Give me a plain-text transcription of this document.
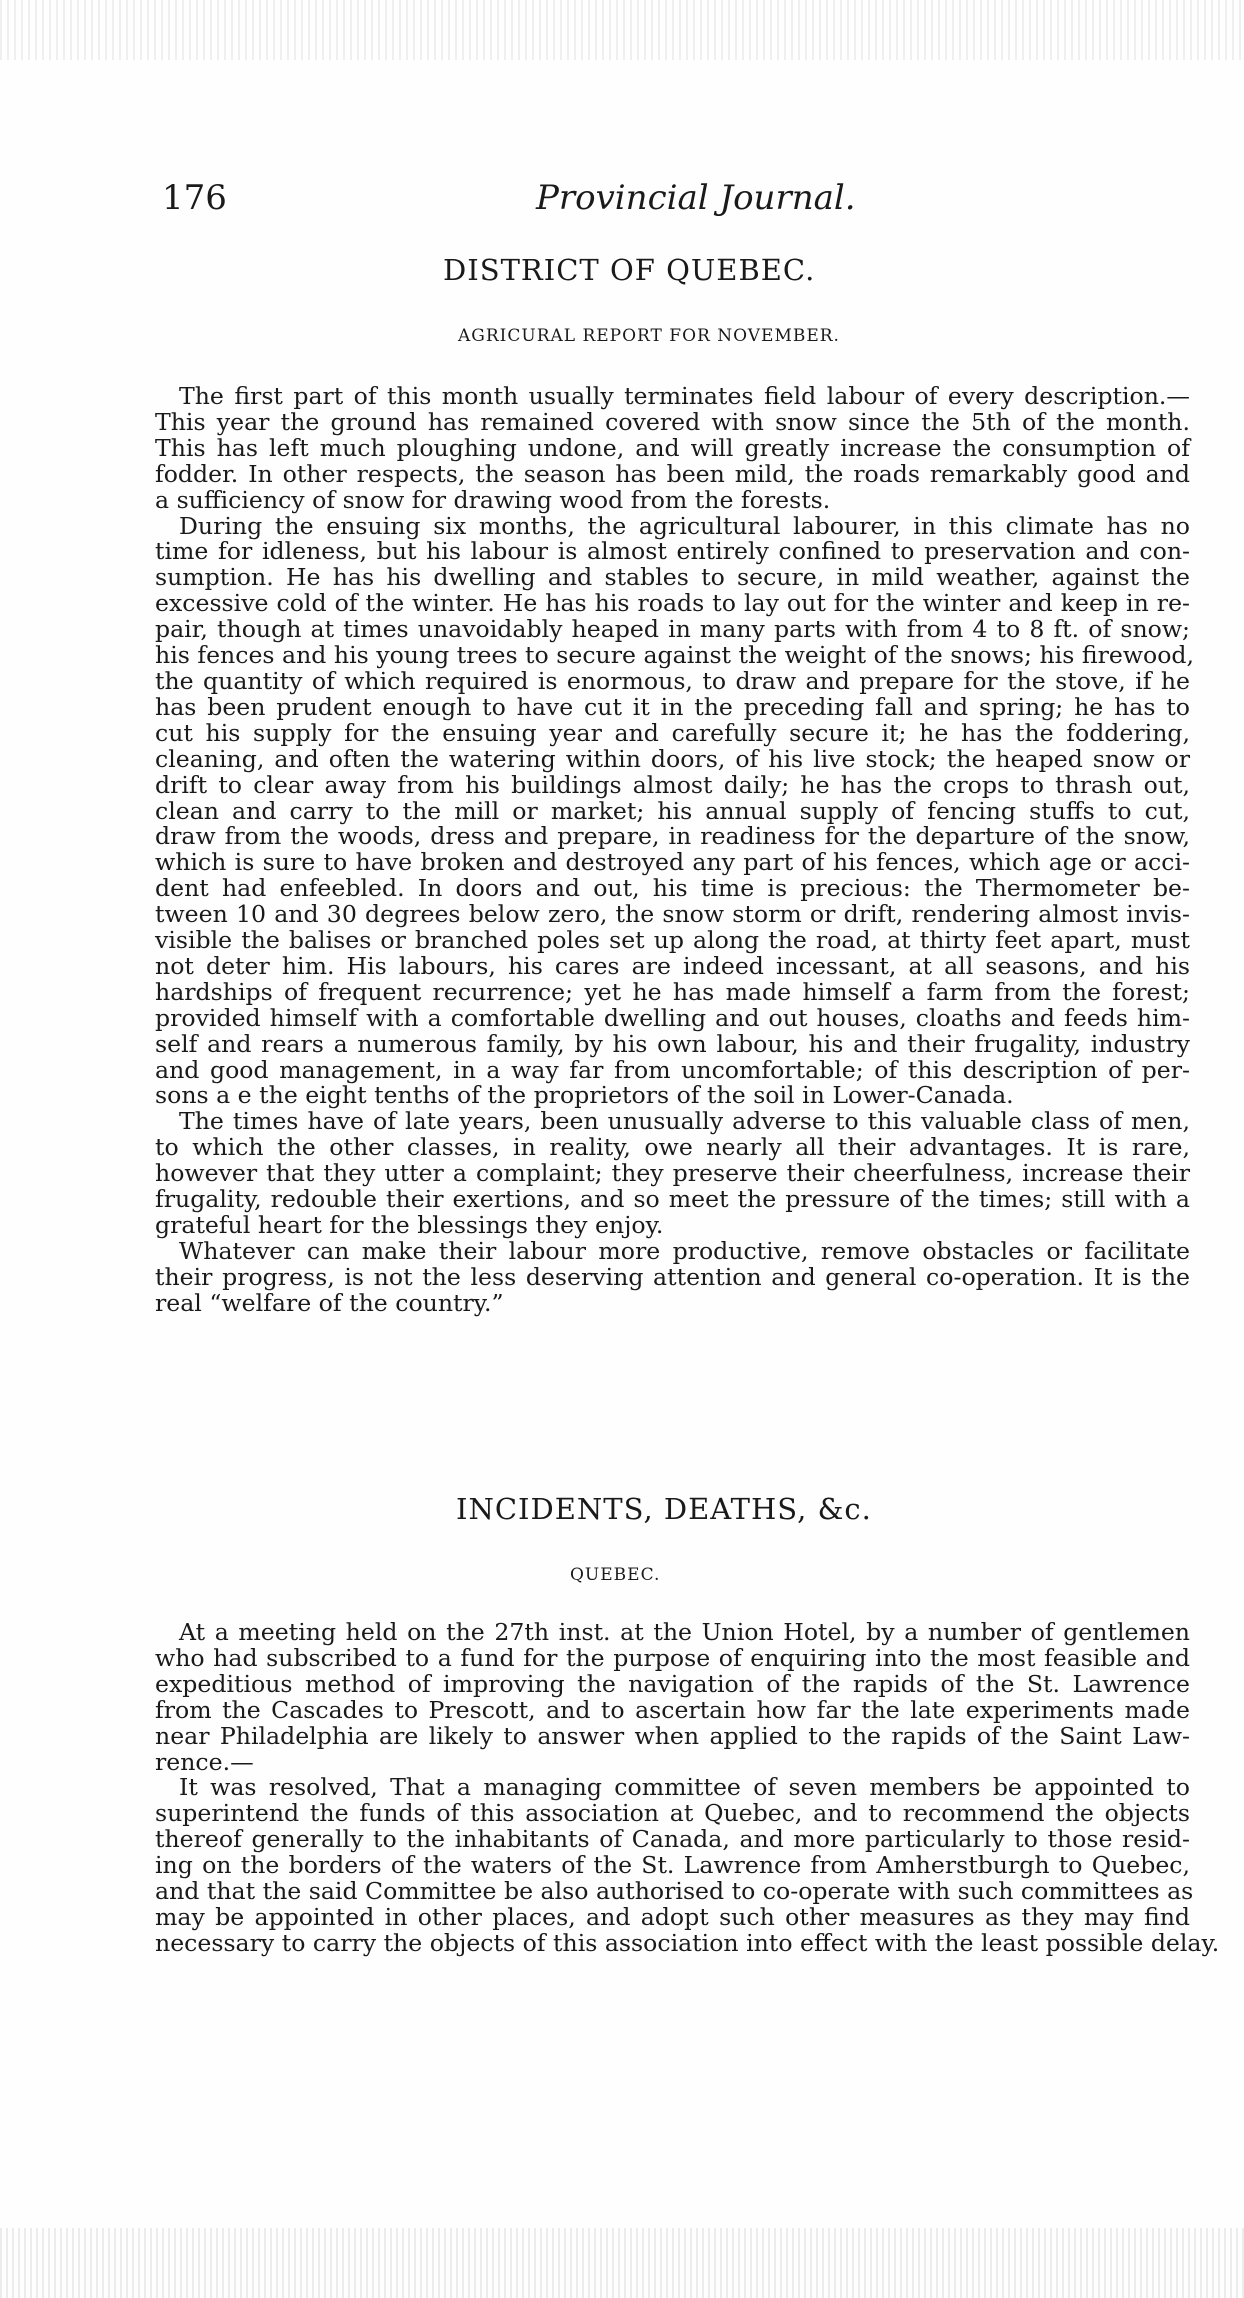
176	Provincial Journal.
DISTRICT OF QUEBEC.
AGRICURAL REPORT FOR NOVEMBER.
The first part of this month usually terminates field labour of every description.—
This year the ground has remained covered with snow since the 5th of the month.
This has left much ploughing undone, and will greatly increase the consumption of
fodder. In other respects, the season has been mild, the roads remarkably good and
a sufficiency of snow for drawing wood from the forests.
During the ensuing six months, the agricultural labourer, in this climate has no
time for idleness, but his labour is almost entirely confined to preservation and con-
sumption. He has his dwelling and stables to secure, in mild weather, against the
excessive cold of the winter. He has his roads to lay out for the winter and keep in re-
pair, though at times unavoidably heaped in many parts with from 4 to 8 ft. of snow;
his fences and his young trees to secure against the weight of the snows; his firewood,
the quantity of which required is enormous, to draw and prepare for the stove, if he
has been prudent enough to have cut it in the preceding fall and spring; he has to
cut his supply for the ensuing year and carefully secure it; he has the foddering,
cleaning, and often the watering within doors, of his live stock; the heaped snow or
drift to clear away from his buildings almost daily; he has the crops to thrash out,
clean and carry to the mill or market; his annual supply of fencing stuffs to cut,
draw from the woods, dress and prepare, in readiness for the departure of the snow,
which is sure to have broken and destroyed any part of his fences, which age or acci-
dent had enfeebled. In doors and out, his time is precious: the Thermometer be-
tween 10 and 30 degrees below zero, the snow storm or drift, rendering almost invis-
visible the balises or branched poles set up along the road, at thirty feet apart, must
not deter him. His labours, his cares are indeed incessant, at all seasons, and his
hardships of frequent recurrence; yet he has made himself a farm from the forest;
provided himself with a comfortable dwelling and out houses, cloaths and feeds him-
self and rears a numerous family, by his own labour, his and their frugality, industry
and good management, in a way far from uncomfortable; of this description of per-
sons a e the eight tenths of the proprietors of the soil in Lower-Canada.
The times have of late years, been unusually adverse to this valuable class of men,
to which the other classes, in reality, owe nearly all their advantages. It is rare,
however that they utter a complaint; they preserve their cheerfulness, increase their
frugality, redouble their exertions, and so meet the pressure of the times; still with a
grateful heart for the blessings they enjoy.
Whatever can make their labour more productive, remove obstacles or facilitate
their progress, is not the less deserving attention and general co-operation. It is the
real “welfare of the country.”
INCIDENTS, DEATHS, &c.
QUEBEC.
At a meeting held on the 27th inst. at the Union Hotel, by a number of gentlemen
who had subscribed to a fund for the purpose of enquiring into the most feasible and
expeditious method of improving the navigation of the rapids of the St. Lawrence
from the Cascades to Prescott, and to ascertain how far the late experiments made
near Philadelphia are likely to answer when applied to the rapids of the Saint Law-
rence.—
It was resolved, That a managing committee of seven members be appointed to
superintend the funds of this association at Quebec, and to recommend the objects
thereof generally to the inhabitants of Canada, and more particularly to those resid-
ing on the borders of the waters of the St. Lawrence from Amherstburgh to Quebec,
and that the said Committee be also authorised to co-operate with such committees as
may be appointed in other places, and adopt such other measures as they may find
necessary to carry the objects of this association into effect with the least possible delay.
